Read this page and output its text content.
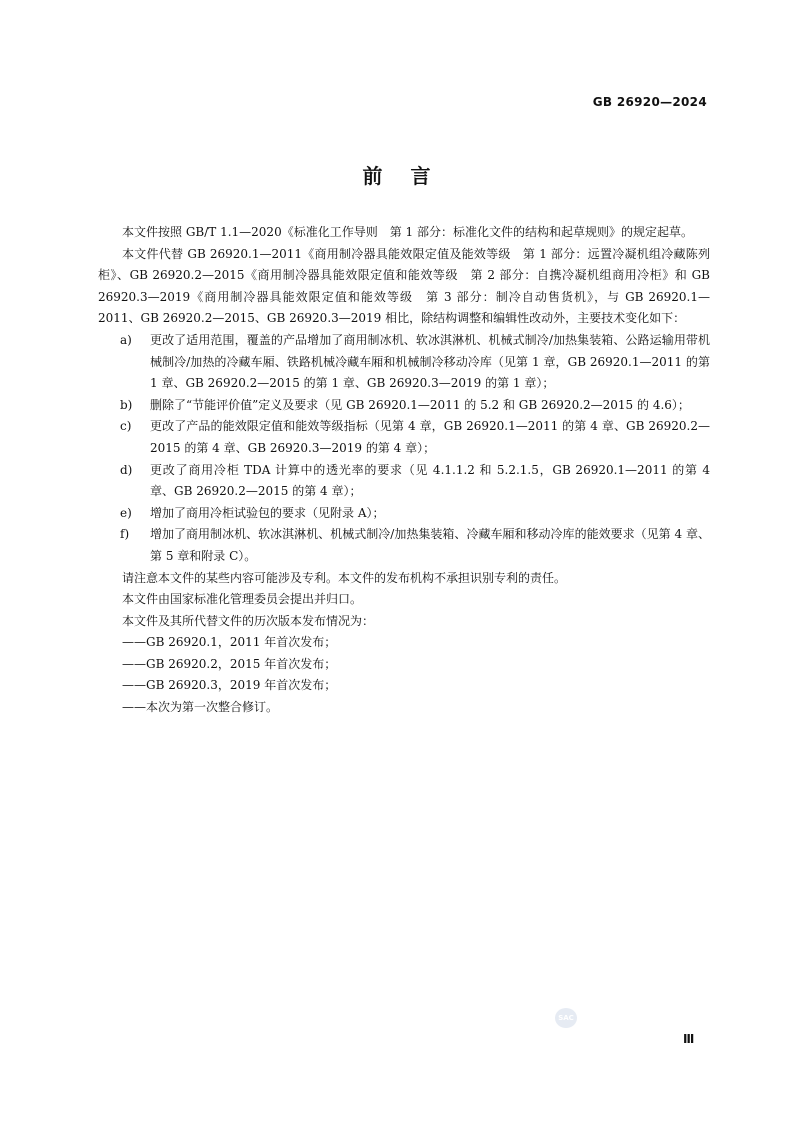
GB 26920—2024
前言

本文件按照 GB/T 1.1—2020《标准化工作导则　第 1 部分：标准化文件的结构和起草规则》的规定起草。

本文件代替 GB 26920.1—2011《商用制冷器具能效限定值及能效等级　第 1 部分：远置冷凝机组冷藏陈列柜》、GB 26920.2—2015《商用制冷器具能效限定值和能效等级　第 2 部分：自携冷凝机组商用冷柜》和 GB 26920.3—2019《商用制冷器具能效限定值和能效等级　第 3 部分：制冷自动售货机》，与 GB 26920.1—2011、GB 26920.2—2015、GB 26920.3—2019 相比，除结构调整和编辑性改动外，主要技术变化如下：

a)	更改了适用范围，覆盖的产品增加了商用制冰机、软冰淇淋机、机械式制冷/加热集装箱、公路运输用带机械制冷/加热的冷藏车厢、铁路机械冷藏车厢和机械制冷移动冷库（见第 1 章，GB 26920.1—2011 的第 1 章、GB 26920.2—2015 的第 1 章、GB 26920.3—2019 的第 1 章）；
b)	删除了“节能评价值”定义及要求（见 GB 26920.1—2011 的 5.2 和 GB 26920.2—2015 的 4.6）；
c)	更改了产品的能效限定值和能效等级指标（见第 4 章，GB 26920.1—2011 的第 4 章、GB 26920.2—2015 的第 4 章、GB 26920.3—2019 的第 4 章）；
d)	更改了商用冷柜 TDA 计算中的透光率的要求（见 4.1.1.2 和 5.2.1.5，GB 26920.1—2011 的第 4 章、GB 26920.2—2015 的第 4 章）；
e)	增加了商用冷柜试验包的要求（见附录 A）；
f)	增加了商用制冰机、软冰淇淋机、机械式制冷/加热集装箱、冷藏车厢和移动冷库的能效要求（见第 4 章、第 5 章和附录 C）。

请注意本文件的某些内容可能涉及专利。本文件的发布机构不承担识别专利的责任。

本文件由国家标准化管理委员会提出并归口。

本文件及其所代替文件的历次版本发布情况为：

——GB 26920.1，2011 年首次发布；

——GB 26920.2，2015 年首次发布；

——GB 26920.3，2019 年首次发布；

——本次为第一次整合修订。

SAC
Ⅲ
